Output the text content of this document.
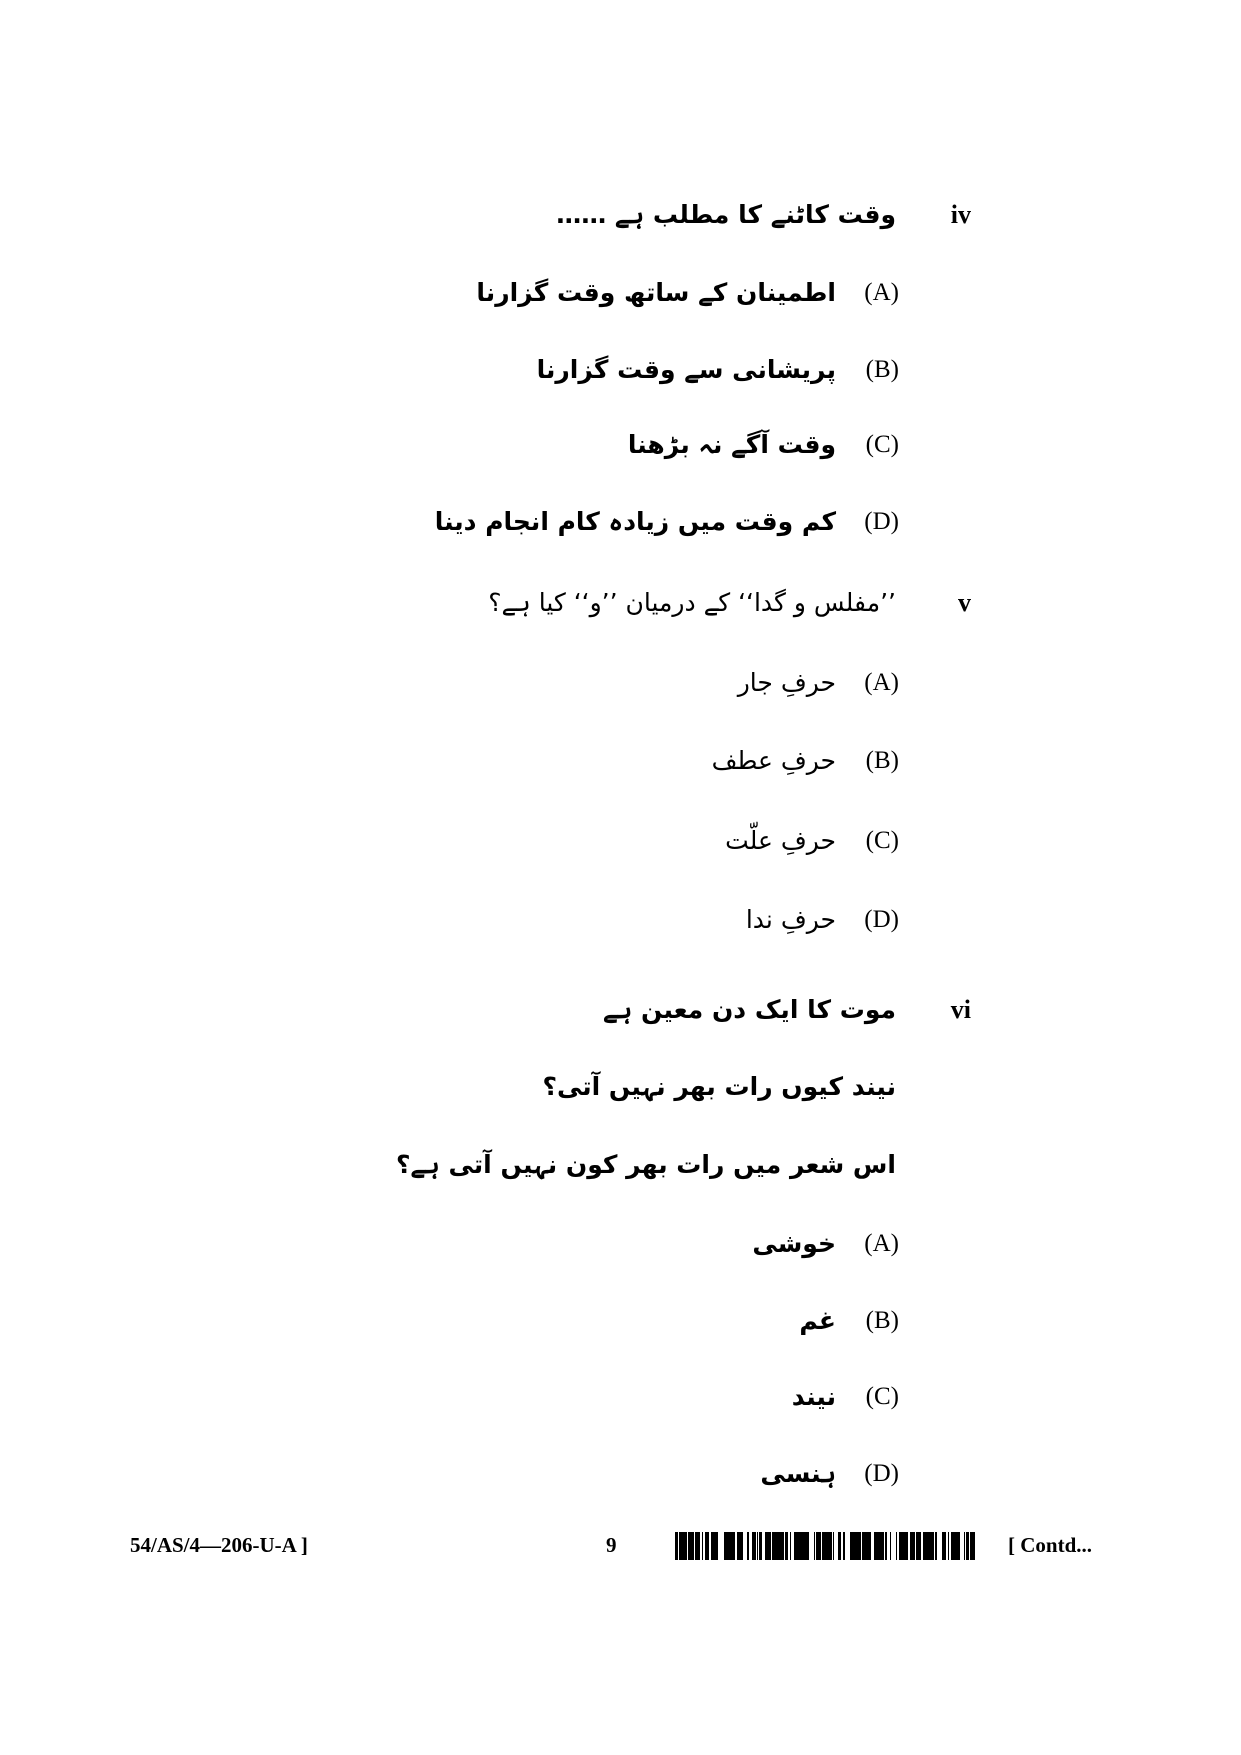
iv
وقت کاٹنے کا مطلب ہے ……
(A)
اطمینان کے ساتھ وقت گزارنا
(B)
پریشانی سے وقت گزارنا
(C)
وقت آگے نہ بڑھنا
(D)
کم وقت میں زیادہ کام انجام دینا
v
’’مفلس و گدا‘‘ کے درمیان ’’و‘‘ کیا ہے؟
(A)
حرفِ جار
(B)
حرفِ عطف
(C)
حرفِ علّت
(D)
حرفِ ندا
vi
موت کا ایک دن معین ہے
نیند کیوں رات بھر نہیں آتی؟
اس شعر میں رات بھر کون نہیں آتی ہے؟
(A)
خوشی
(B)
غم
(C)
نیند
(D)
ہنسی
54/AS/4—206-U-A ]	9	[ Contd...
